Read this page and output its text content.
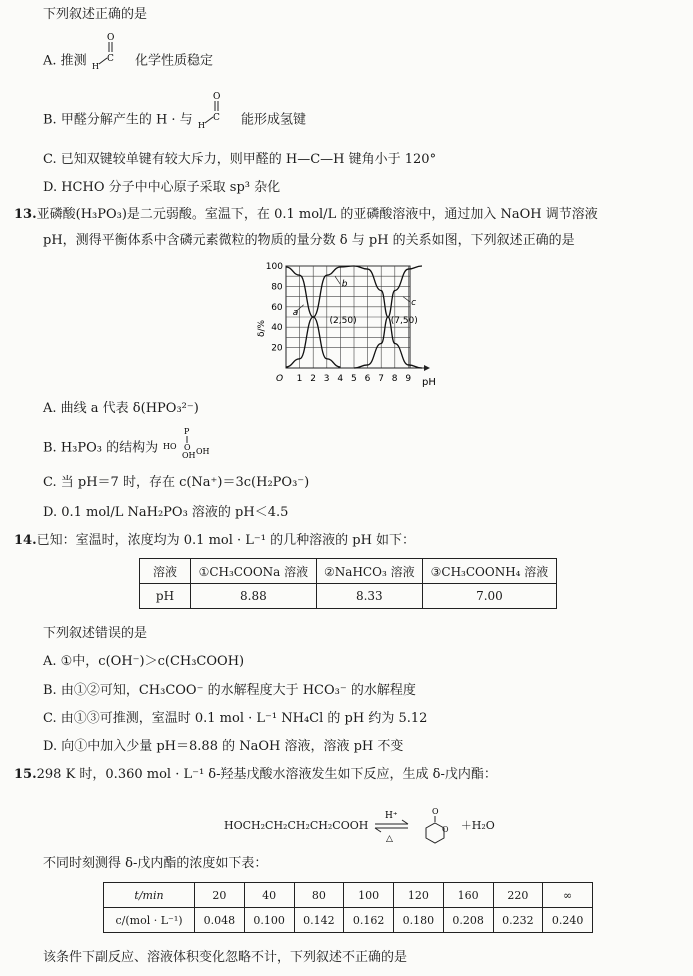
下列叙述正确的是
A. 推测
O
C
H	化学性质稳定
B. 甲醛分解产生的 H · 与
O
C
H	能形成氢键
C. 已知双键较单键有较大斥力，则甲醛的 H—C—H 键角小于 120°
D. HCHO 分子中中心原子采取 sp³ 杂化
13.亚磷酸(H₃PO₃)是二元弱酸。室温下，在 0.1 mol/L 的亚磷酸溶液中，通过加入 NaOH 调节溶液
pH，测得平衡体系中含磷元素微粒的物质的量分数 δ 与 pH 的关系如图，下列叙述正确的是
O 1 2 3 4 5 6 7 8 9
100
80
60
40
20
δ/%
pH
a
b
c
(2,50)	(7,50)
A. 曲线 a 代表 δ(HPO₃²⁻)
B. H₃PO₃ 的结构为
P
HO O
OH OH
C. 当 pH＝7 时，存在 c(Na⁺)＝3c(H₂PO₃⁻)
D. 0.1 mol/L NaH₂PO₃ 溶液的 pH＜4.5
14.已知：室温时，浓度均为 0.1 mol · L⁻¹ 的几种溶液的 pH 如下：
溶液	①CH₃COONa 溶液	②NaHCO₃ 溶液	③CH₃COONH₄ 溶液
pH	8.88	8.33	7.00
下列叙述错误的是
A. ①中，c(OH⁻)＞c(CH₃COOH)
B. 由①②可知，CH₃COO⁻ 的水解程度大于 HCO₃⁻ 的水解程度
C. 由①③可推测，室温时 0.1 mol · L⁻¹ NH₄Cl 的 pH 约为 5.12
D. 向①中加入少量 pH＝8.88 的 NaOH 溶液，溶液 pH 不变
15.298 K 时，0.360 mol · L⁻¹ δ-羟基戊酸水溶液发生如下反应，生成 δ-戊内酯：
HOCH₂CH₂CH₂CH₂COOH
H⁺
△

O
O ＋H₂O
不同时刻测得 δ-戊内酯的浓度如下表：
t/min	20	40	80	100	120	160	220	∞
c/(mol · L⁻¹)	0.048	0.100	0.142	0.162	0.180	0.208	0.232	0.240
该条件下副反应、溶液体积变化忽略不计，下列叙述不正确的是
